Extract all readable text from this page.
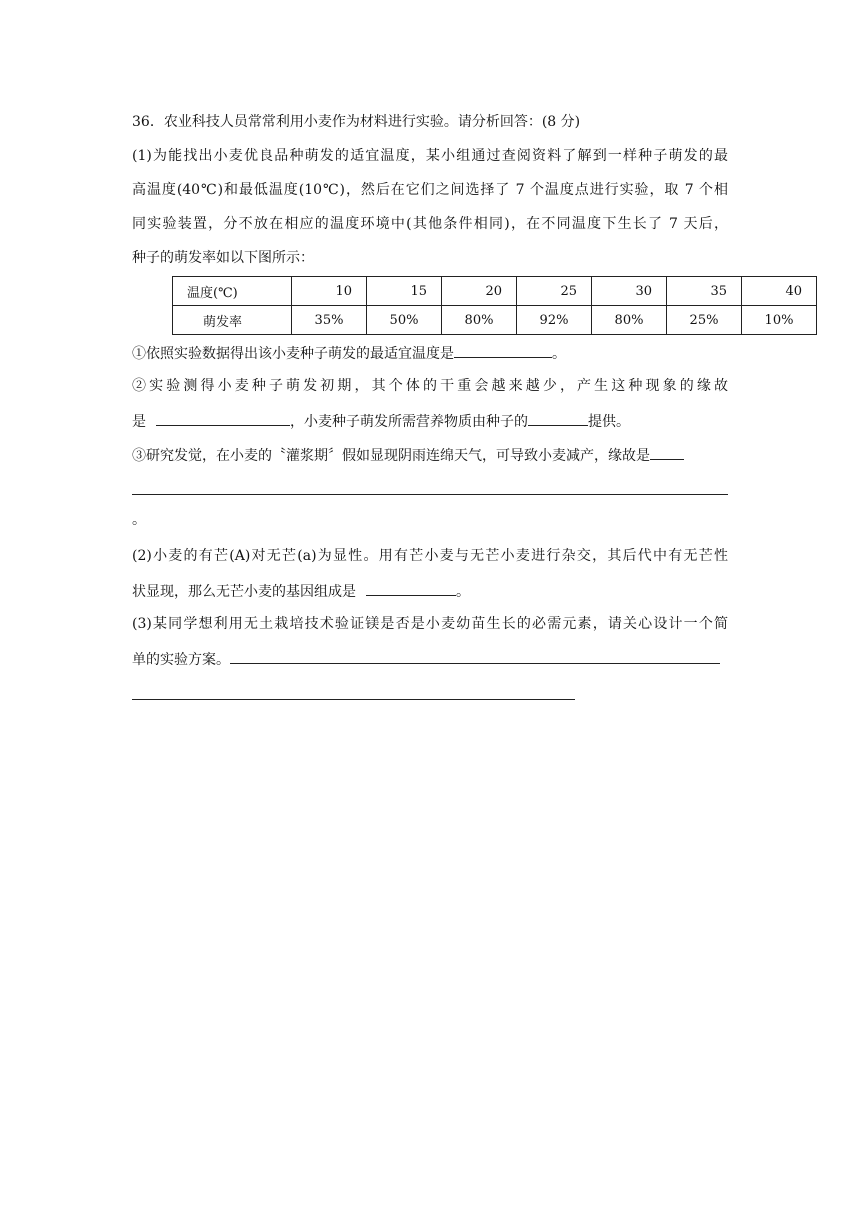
36．农业科技人员常常利用小麦作为材料进行实验。请分析回答：(8 分)
(1)为能找出小麦优良品种萌发的适宜温度，某小组通过查阅资料了解到一样种子萌发的最
高温度(40℃)和最低温度(10℃)，然后在它们之间选择了 7 个温度点进行实验，取 7 个相
同实验装置，分不放在相应的温度环境中(其他条件相同)，在不同温度下生长了 7 天后，
种子的萌发率如以下图所示：
温度(℃)	10	15	20	25	30	35	40
萌发率	35%	50%	80%	92%	80%	25%	10%
①依照实验数据得出该小麦种子萌发的最适宜温度是	。
②实验测得小麦种子萌发初期，其个体的干重会越来越少，产生这种现象的缘故
是	，小麦种子萌发所需营养物质由种子的	提供。
③研究发觉，在小麦的〝灌浆期〞假如显现阴雨连绵天气，可导致小麦减产，缘故是
。
(2)小麦的有芒(A)对无芒(a)为显性。用有芒小麦与无芒小麦进行杂交，其后代中有无芒性
状显现，那么无芒小麦的基因组成是	。
(3)某同学想利用无土栽培技术验证镁是否是小麦幼苗生长的必需元素，请关心设计一个简
单的实验方案。
